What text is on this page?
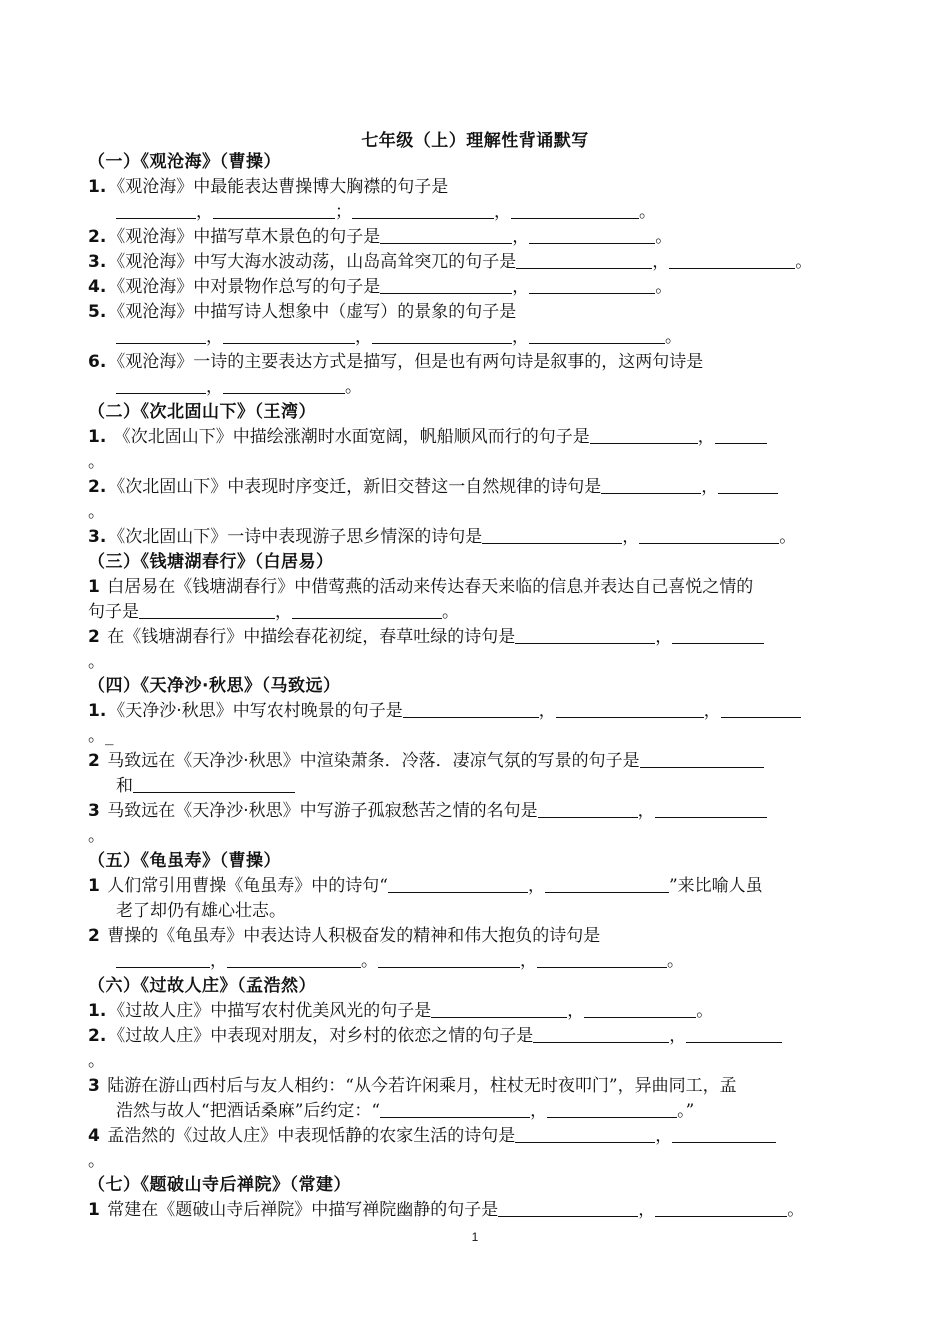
七年级（上）理解性背诵默写
（一）《观沧海》（曹操）
1. 《观沧海》中最能表达曹操博大胸襟的句子是
，	；	，	。
2. 《观沧海》中描写草木景色的句子是	，	。
3. 《观沧海》中写大海水波动荡，山岛高耸突兀的句子是	，	。
4. 《观沧海》中对景物作总写的句子是	，	。
5. 《观沧海》中描写诗人想象中（虚写）的景象的句子是
，	，	，	。
6. 《观沧海》一诗的主要表达方式是描写，但是也有两句诗是叙事的，这两句诗是
，	。
（二）《次北固山下》（王湾）
1. 《次北固山下》中描绘涨潮时水面宽阔，帆船顺风而行的句子是	，
。
2. 《次北固山下》中表现时序变迁，新旧交替这一自然规律的诗句是	，
。
3. 《次北固山下》一诗中表现游子思乡情深的诗句是	，	。
（三）《钱塘湖春行》（白居易）
1 白居易在《钱塘湖春行》中借莺燕的活动来传达春天来临的信息并表达自己喜悦之情的
句子是	，	。
2 在《钱塘湖春行》中描绘春花初绽，春草吐绿的诗句是	，
。
（四）《天净沙·秋思》（马致远）
1. 《天净沙·秋思》中写农村晚景的句子是	，	，
。_
2 马致远在《天净沙·秋思》中渲染萧条．冷落．凄凉气氛的写景的句子是
和
3 马致远在《天净沙·秋思》中写游子孤寂愁苦之情的名句是	，
。
（五）《龟虽寿》（曹操）
1 人们常引用曹操《龟虽寿》中的诗句“	，	”来比喻人虽
老了却仍有雄心壮志。
2 曹操的《龟虽寿》中表达诗人积极奋发的精神和伟大抱负的诗句是
，	。	，	。
（六）《过故人庄》（孟浩然）
1. 《过故人庄》中描写农村优美风光的句子是	，	。
2. 《过故人庄》中表现对朋友，对乡村的依恋之情的句子是	，
。
3 陆游在游山西村后与友人相约：“从今若许闲乘月，柱杖无时夜叩门”，异曲同工，孟
浩然与故人“把酒话桑麻”后约定：“	，	。”
4 孟浩然的《过故人庄》中表现恬静的农家生活的诗句是	，
。
（七）《题破山寺后禅院》（常建）
1 常建在《题破山寺后禅院》中描写禅院幽静的句子是	，	。
1
